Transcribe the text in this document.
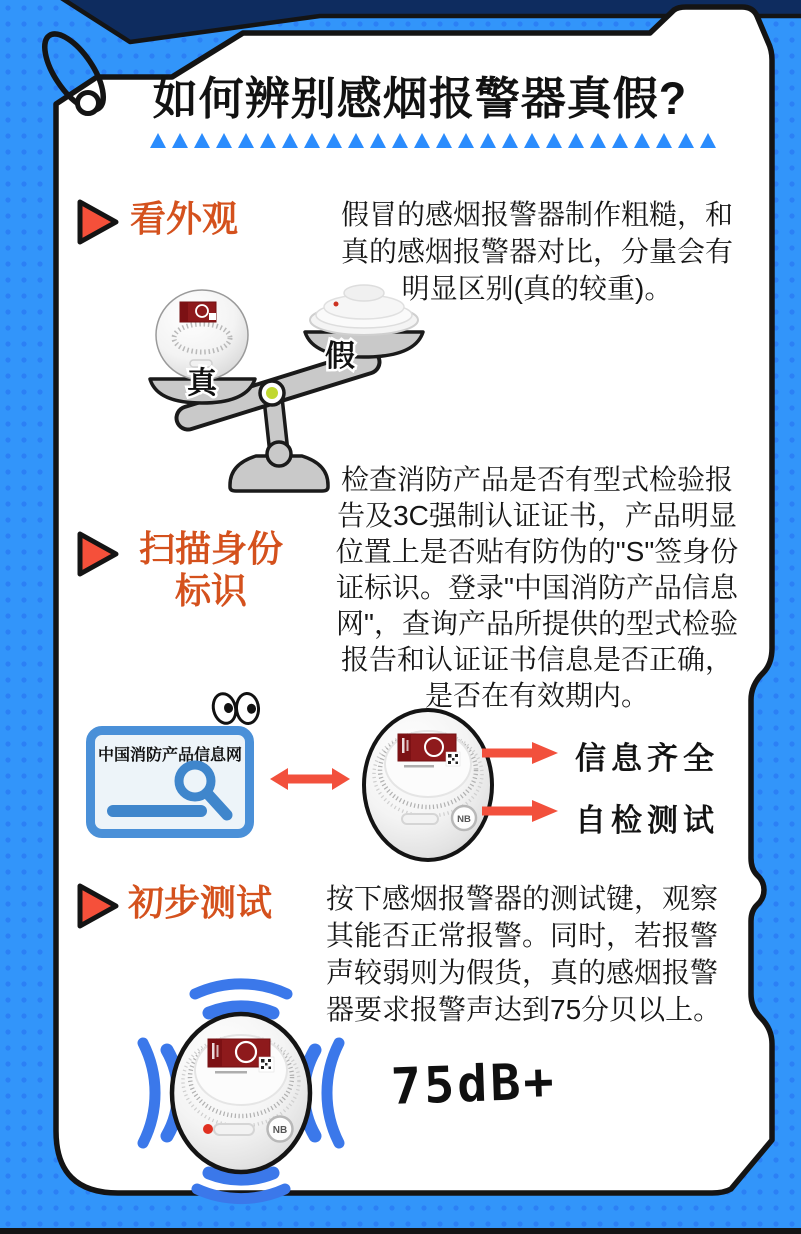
如何辨别感烟报警器真假?
看外观	假冒的感烟报警器制作粗糙，和真的感烟报警器对比，分量会有明显区别(真的较重)。
真
假
扫描身份标识
检查消防产品是否有型式检验报告及3C强制认证证书，产品明显位置上是否贴有防伪的"S"签身份证标识。登录"中国消防产品信息网"，查询产品所提供的型式检验报告和认证证书信息是否正确，是否在有效期内。
中国消防产品信息网
NB
信息齐全
自检测试
初步测试 按下感烟报警器的测试键，观察其能否正常报警。同时，若报警声较弱则为假货，真的感烟报警器要求报警声达到75分贝以上。
NB
75dB+
